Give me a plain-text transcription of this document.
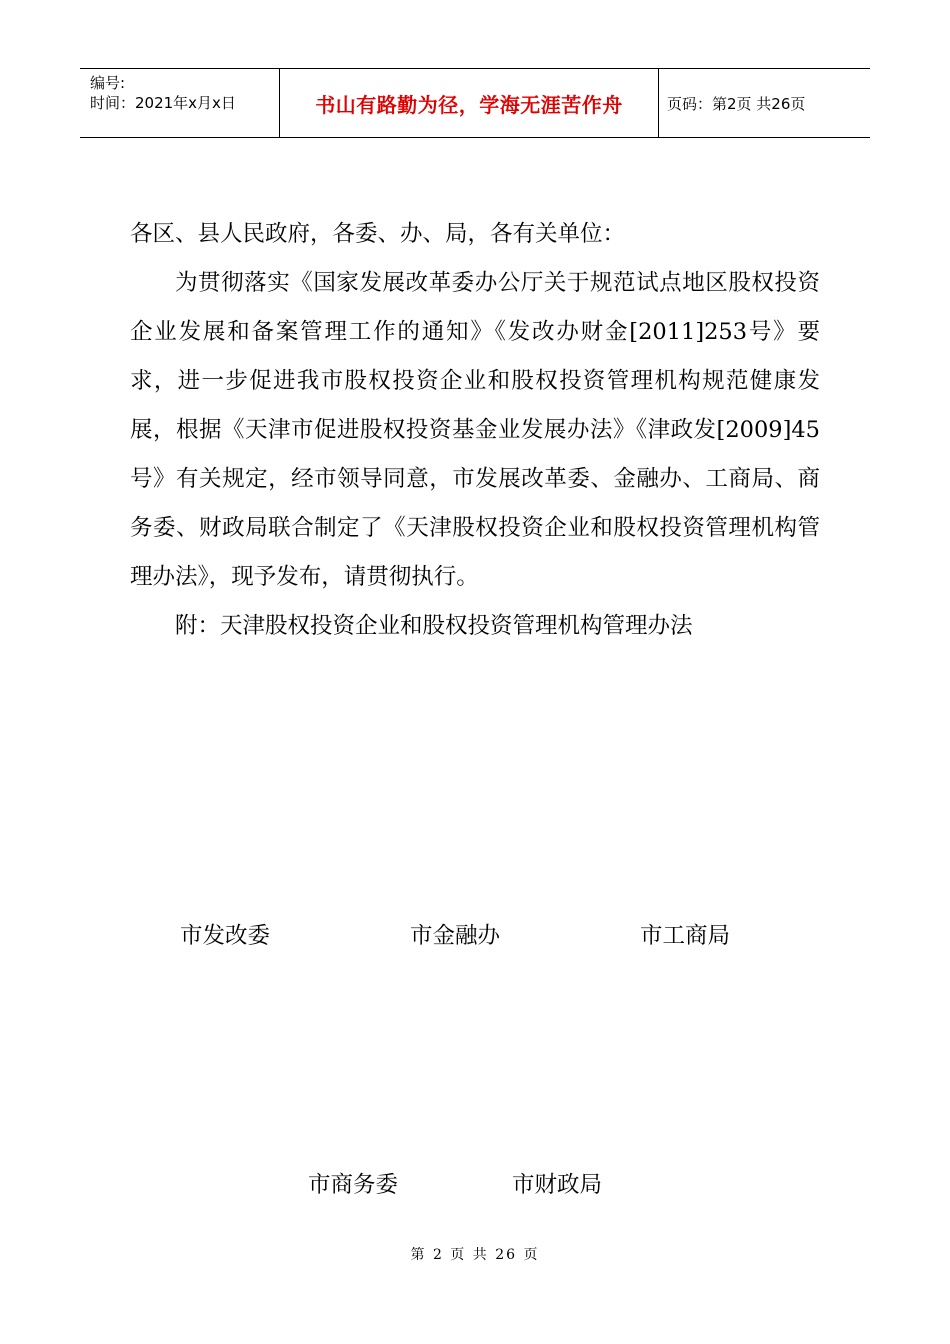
编号:
时间：2021年x月x日	书山有路勤为径，学海无涯苦作舟	页码：第2页 共26页

各区、县人民政府，各委、办、局，各有关单位：

为贯彻落实《国家发展改革委办公厅关于规范试点地区股权投资企业发展和备案管理工作的通知》《发改办财金[2011]253号》要求，进一步促进我市股权投资企业和股权投资管理机构规范健康发展，根据《天津市促进股权投资基金业发展办法》《津政发[2009]45号》有关规定，经市领导同意，市发展改革委、金融办、工商局、商务委、财政局联合制定了《天津股权投资企业和股权投资管理机构管理办法》，现予发布，请贯彻执行。

附：天津股权投资企业和股权投资管理机构管理办法

市发改委	市金融办	市工商局
市商务委	市财政局
第 2 页 共 26 页
